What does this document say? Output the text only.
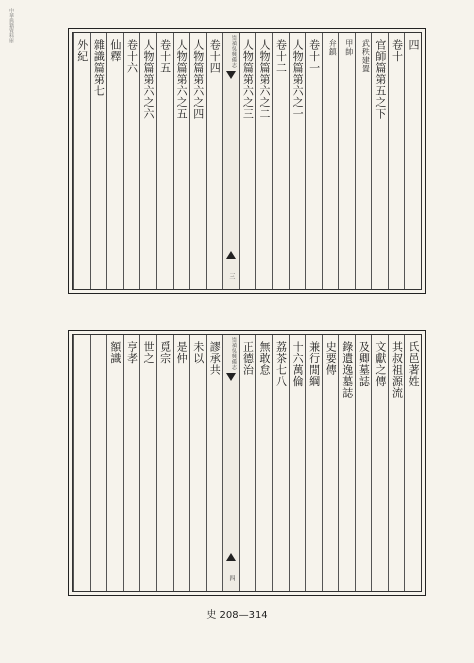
中華典籍資料庫
四
卷十
官師篇第五之下
武秩建置
甲帥
弁鎮
卷十一
人物篇第六之一
卷十二
人物篇第六之二
人物篇第六之三
崇禎吳興備志
三
卷十四
人物篇第六之四
人物篇第六之五
卷十五
人物篇第六之六
卷十六
仙釋
雜識篇第七
外紀
氏邑著姓
其叔祖源流
文獻之傳
及卿墓誌
錄遺逸墓誌
史要傳
兼行閒綱
十六萬倫
荔茶七八
無敢怠
正德治
崇禎吳興備志
四
謬承共
未以
是仲
覓宗
世之
亨孝
額識
史 208—314
